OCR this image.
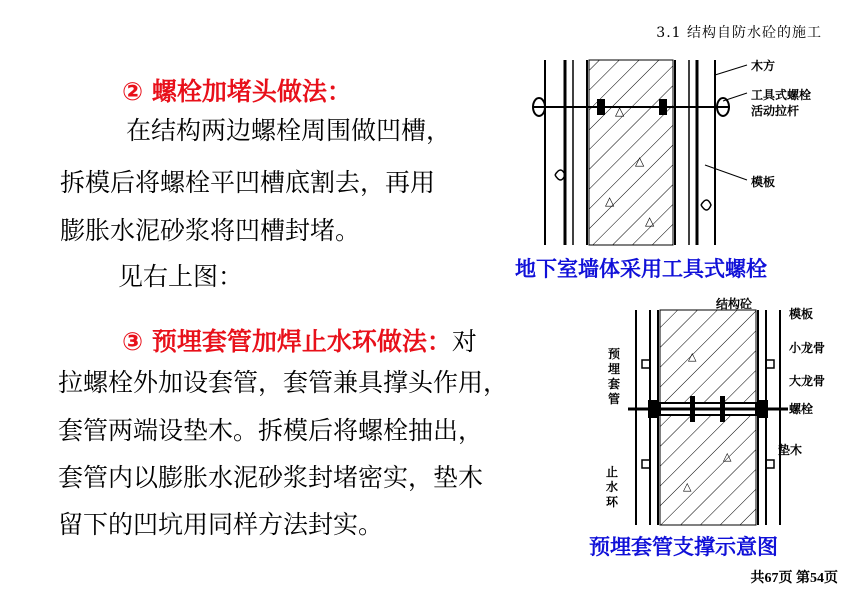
3.1 结构自防水砼的施工
② 螺栓加堵头做法：
在结构两边螺栓周围做凹槽，
拆模后将螺栓平凹槽底割去，再用
膨胀水泥砂浆将凹槽封堵。
见右上图：
③ 预埋套管加焊止水环做法：对
拉螺栓外加设套管，套管兼具撑头作用，
套管两端设垫木。拆模后将螺栓抽出，
套管内以膨胀水泥砂浆封堵密实，垫木
留下的凹坑用同样方法封实。
△
△
△
△
木方
工具式螺栓
活动拉杆
模板
地下室墙体采用工具式螺栓
△
△
△
结构砼
模板
小龙骨
大龙骨
螺栓
垫木
预
埋
套
管
止
水
环
预埋套管支撑示意图
共67页 第54页
